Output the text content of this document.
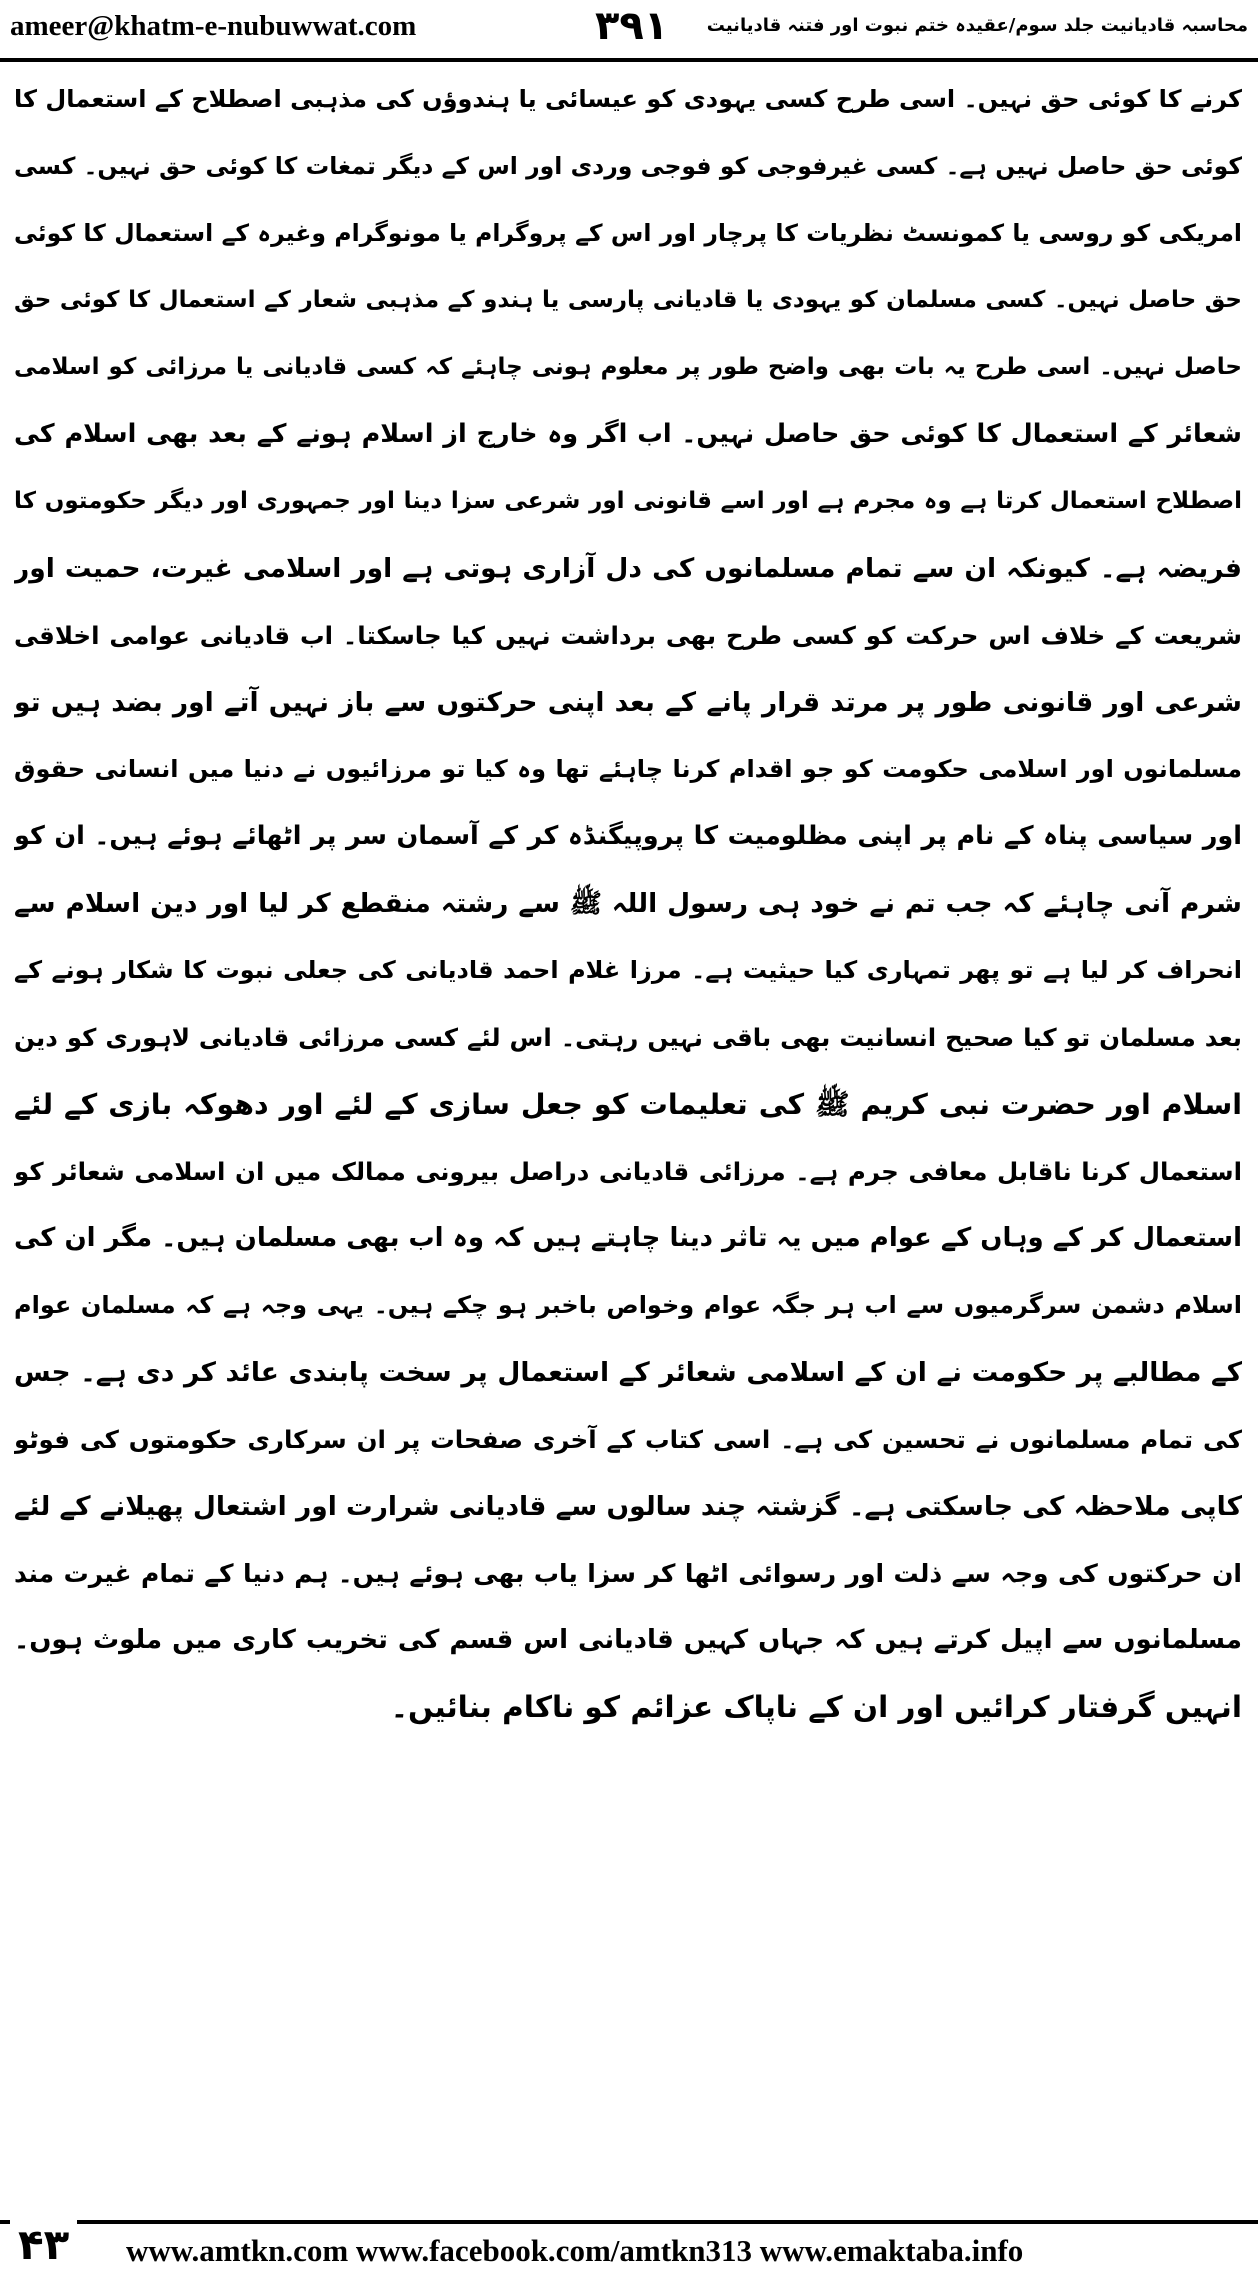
ameer@khatm-e-nubuwwat.com	۳۹۱ محاسبہ قادیانیت جلد سوم/عقیدہ ختم نبوت اور فتنہ قادیانیت
کرنے کا کوئی حق نہیں۔ اسی طرح کسی یہودی کو عیسائی یا ہندوؤں کی مذہبی اصطلاح کے استعمال کا
کوئی حق حاصل نہیں ہے۔ کسی غیرفوجی کو فوجی وردی اور اس کے دیگر تمغات کا کوئی حق نہیں۔ کسی
امریکی کو روسی یا کمونسٹ نظریات کا پرچار اور اس کے پروگرام یا مونوگرام وغیرہ کے استعمال کا کوئی
حق حاصل نہیں۔ کسی مسلمان کو یہودی یا قادیانی پارسی یا ہندو کے مذہبی شعار کے استعمال کا کوئی حق
حاصل نہیں۔ اسی طرح یہ بات بھی واضح طور پر معلوم ہونی چاہئے کہ کسی قادیانی یا مرزائی کو اسلامی
شعائر کے استعمال کا کوئی حق حاصل نہیں۔ اب اگر وہ خارج از اسلام ہونے کے بعد بھی اسلام کی
اصطلاح استعمال کرتا ہے وہ مجرم ہے اور اسے قانونی اور شرعی سزا دینا اور جمہوری اور دیگر حکومتوں کا
فریضہ ہے۔ کیونکہ ان سے تمام مسلمانوں کی دل آزاری ہوتی ہے اور اسلامی غیرت، حمیت اور
شریعت کے خلاف اس حرکت کو کسی طرح بھی برداشت نہیں کیا جاسکتا۔ اب قادیانی عوامی اخلاقی
شرعی اور قانونی طور پر مرتد قرار پانے کے بعد اپنی حرکتوں سے باز نہیں آتے اور بضد ہیں تو
مسلمانوں اور اسلامی حکومت کو جو اقدام کرنا چاہئے تھا وہ کیا تو مرزائیوں نے دنیا میں انسانی حقوق
اور سیاسی پناہ کے نام پر اپنی مظلومیت کا پروپیگنڈہ کر کے آسمان سر پر اٹھائے ہوئے ہیں۔ ان کو
شرم آنی چاہئے کہ جب تم نے خود ہی رسول اللہ ﷺ سے رشتہ منقطع کر لیا اور دین اسلام سے
انحراف کر لیا ہے تو پھر تمہاری کیا حیثیت ہے۔ مرزا غلام احمد قادیانی کی جعلی نبوت کا شکار ہونے کے
بعد مسلمان تو کیا صحیح انسانیت بھی باقی نہیں رہتی۔ اس لئے کسی مرزائی قادیانی لاہوری کو دین
اسلام اور حضرت نبی کریم ﷺ کی تعلیمات کو جعل سازی کے لئے اور دھوکہ بازی کے لئے
استعمال کرنا ناقابل معافی جرم ہے۔ مرزائی قادیانی دراصل بیرونی ممالک میں ان اسلامی شعائر کو
استعمال کر کے وہاں کے عوام میں یہ تاثر دینا چاہتے ہیں کہ وہ اب بھی مسلمان ہیں۔ مگر ان کی
اسلام دشمن سرگرمیوں سے اب ہر جگہ عوام وخواص باخبر ہو چکے ہیں۔ یہی وجہ ہے کہ مسلمان عوام
کے مطالبے پر حکومت نے ان کے اسلامی شعائر کے استعمال پر سخت پابندی عائد کر دی ہے۔ جس
کی تمام مسلمانوں نے تحسین کی ہے۔ اسی کتاب کے آخری صفحات پر ان سرکاری حکومتوں کی فوٹو
کاپی ملاحظہ کی جاسکتی ہے۔ گزشتہ چند سالوں سے قادیانی شرارت اور اشتعال پھیلانے کے لئے
ان حرکتوں کی وجہ سے ذلت اور رسوائی اٹھا کر سزا یاب بھی ہوئے ہیں۔ ہم دنیا کے تمام غیرت مند
مسلمانوں سے اپیل کرتے ہیں کہ جہاں کہیں قادیانی اس قسم کی تخریب کاری میں ملوث ہوں۔
انہیں گرفتار کرائیں اور ان کے ناپاک عزائم کو ناکام بنائیں۔
۴۳ www.amtkn.com www.facebook.com/amtkn313 www.emaktaba.info
